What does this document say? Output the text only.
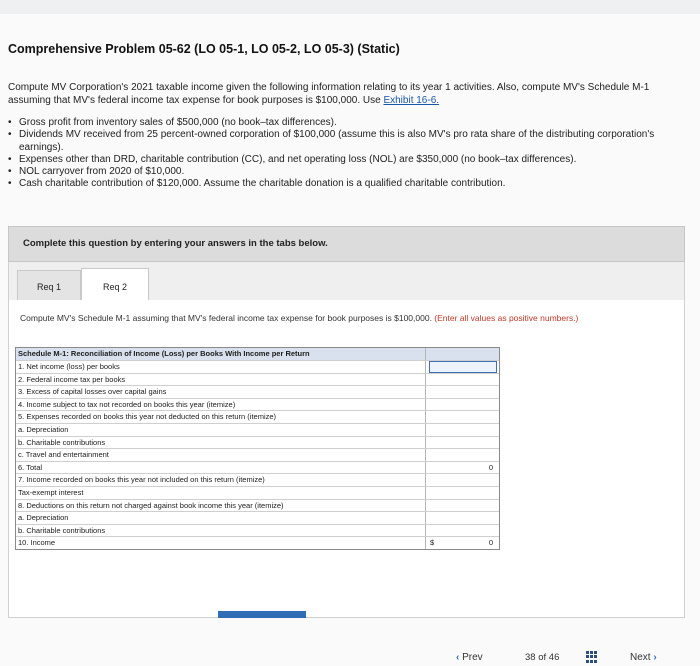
Comprehensive Problem 05-62 (LO 05-1, LO 05-2, LO 05-3) (Static)
Compute MV Corporation's 2021 taxable income given the following information relating to its year 1 activities. Also, compute MV's Schedule M-1 assuming that MV's federal income tax expense for book purposes is $100,000. Use Exhibit 16-6.
• Gross profit from inventory sales of $500,000 (no book–tax differences).
• Dividends MV received from 25 percent-owned corporation of $100,000 (assume this is also MV's pro rata share of the distributing corporation's earnings).
• Expenses other than DRD, charitable contribution (CC), and net operating loss (NOL) are $350,000 (no book–tax differences).
• NOL carryover from 2020 of $10,000.
• Cash charitable contribution of $120,000. Assume the charitable donation is a qualified charitable contribution.
Complete this question by entering your answers in the tabs below.
Req 1	Req 2
Compute MV's Schedule M-1 assuming that MV's federal income tax expense for book purposes is $100,000. (Enter all values as positive numbers.)
Schedule M-1: Reconciliation of Income (Loss) per Books With Income per Return
1. Net income (loss) per books
2. Federal income tax per books
3. Excess of capital losses over capital gains
4. Income subject to tax not recorded on books this year (itemize)
5. Expenses recorded on books this year not deducted on this return (itemize)
a. Depreciation
b. Charitable contributions
c. Travel and entertainment
6. Total	0
7. Income recorded on books this year not included on this return (itemize)
Tax-exempt interest
8. Deductions on this return not charged against book income this year (itemize)
a. Depreciation
b. Charitable contributions
10. Income	$	0
‹ Prev	38 of 46	Next ›
